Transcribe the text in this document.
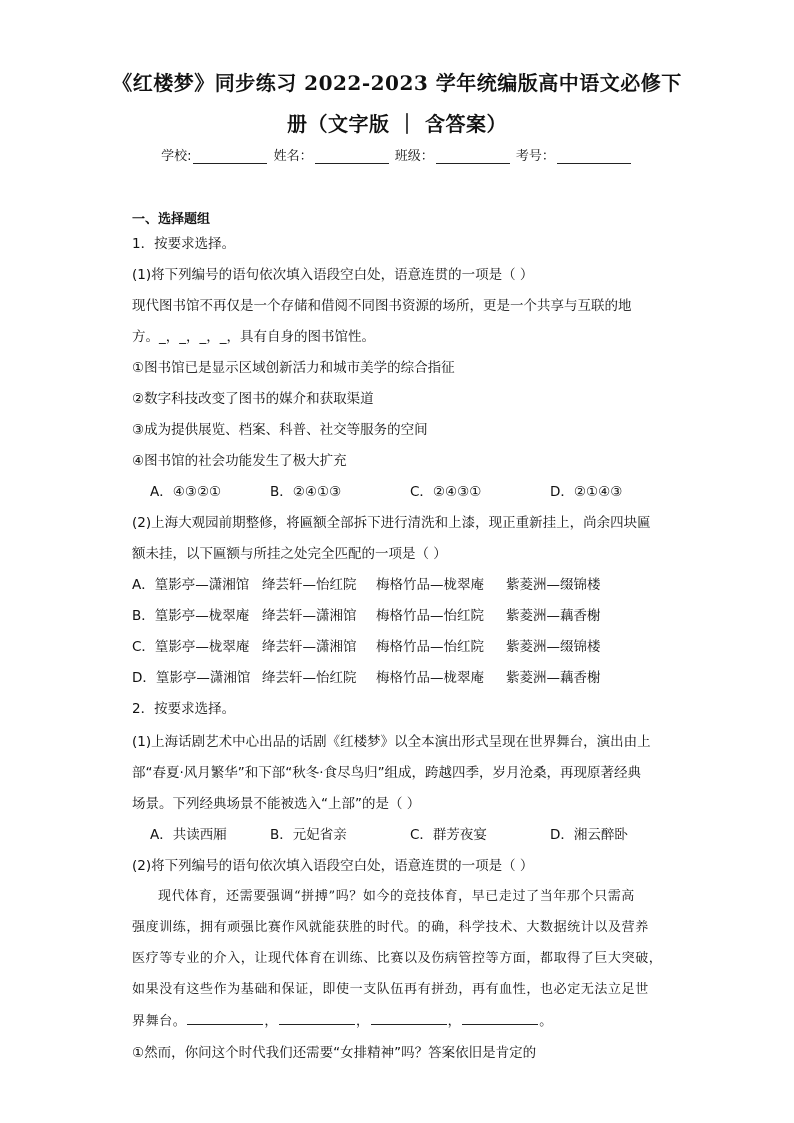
《红楼梦》同步练习 2022-2023 学年统编版高中语文必修下
册（文字版 ｜ 含答案）
学校:	姓名：	班级：	考号：
一、选择题组
1．按要求选择。
(1)将下列编号的语句依次填入语段空白处，语意连贯的一项是（ ）
现代图书馆不再仅是一个存储和借阅不同图书资源的场所，更是一个共享与互联的地
方。_，_，_，_，具有自身的图书馆性。
①图书馆已是显示区域创新活力和城市美学的综合指征
②数字科技改变了图书的媒介和获取渠道
③成为提供展览、档案、科普、社交等服务的空间
④图书馆的社会功能发生了极大扩充
A．④③②①	B．②④①③	C．②④③①	D．②①④③
(2)上海大观园前期整修，将匾额全部拆下进行清洗和上漆，现正重新挂上，尚余四块匾
额未挂，以下匾额与所挂之处完全匹配的一项是（ ）
A．篁影亭—潇湘馆 绛芸轩—怡红院 梅格竹品—栊翠庵 紫菱洲—缀锦楼
B．篁影亭—栊翠庵 绛芸轩—潇湘馆 梅格竹品—怡红院 紫菱洲—藕香榭
C．篁影亭—栊翠庵 绛芸轩—潇湘馆 梅格竹品—怡红院 紫菱洲—缀锦楼
D．篁影亭—潇湘馆 绛芸轩—怡红院 梅格竹品—栊翠庵 紫菱洲—藕香榭
2．按要求选择。
(1)上海话剧艺术中心出品的话剧《红楼梦》以全本演出形式呈现在世界舞台，演出由上
部“春夏·风月繁华”和下部“秋冬·食尽鸟归”组成，跨越四季，岁月沧桑，再现原著经典
场景。下列经典场景不能被选入“上部”的是（ ）
A．共读西厢	B．元妃省亲	C．群芳夜宴	D．湘云醉卧
(2)将下列编号的语句依次填入语段空白处，语意连贯的一项是（ ）
现代体育，还需要强调“拼搏”吗？如今的竞技体育，早已走过了当年那个只需高
强度训练，拥有顽强比赛作风就能获胜的时代。的确，科学技术、大数据统计以及营养
医疗等专业的介入，让现代体育在训练、比赛以及伤病管控等方面，都取得了巨大突破，
如果没有这些作为基础和保证，即使一支队伍再有拼劲，再有血性，也必定无法立足世
界舞台。	，	，	，	。
①然而，你问这个时代我们还需要“女排精神”吗？答案依旧是肯定的
